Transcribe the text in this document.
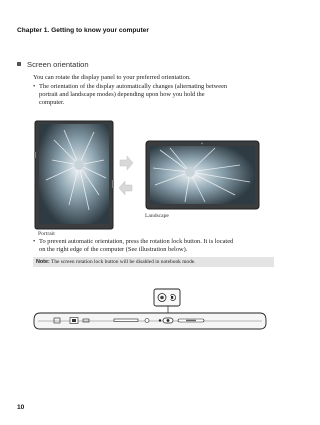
Chapter 1. Getting to know your computer
Screen orientation
You can rotate the display panel to your preferred orientation.
• The orientation of the display automatically changes (alternating between
portrait and landscape modes) depending upon how you hold the
computer.
Portrait
Landscape
• To prevent automatic orientation, press the rotation lock button. It is located
on the right edge of the computer (See illustration below).
Note: The screen rotation lock button will be disabled in notebook mode.
10
